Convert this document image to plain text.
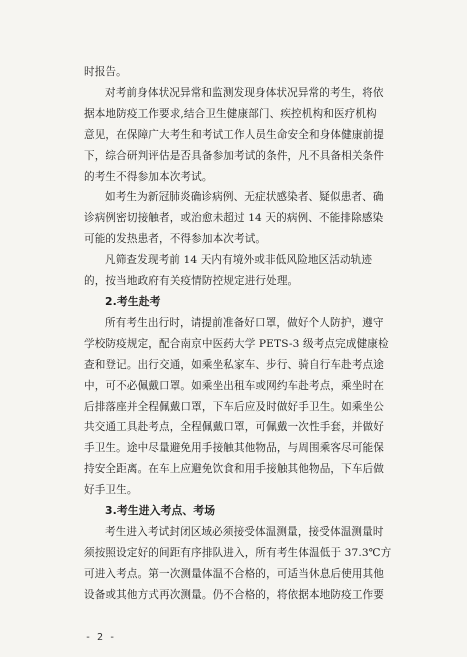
时报告。
对考前身体状况异常和监测发现身体状况异常的考生，将依
据本地防疫工作要求,结合卫生健康部门、疾控机构和医疗机构
意见，在保障广大考生和考试工作人员生命安全和身体健康前提
下，综合研判评估是否具备参加考试的条件，凡不具备相关条件
的考生不得参加本次考试。
如考生为新冠肺炎确诊病例、无症状感染者、疑似患者、确
诊病例密切接触者，或治愈未超过 14 天的病例、不能排除感染
可能的发热患者，不得参加本次考试。
凡筛查发现考前 14 天内有境外或非低风险地区活动轨迹
的，按当地政府有关疫情防控规定进行处理。
2.考生赴考
所有考生出行时，请提前准备好口罩，做好个人防护，遵守
学校防疫规定，配合南京中医药大学 PETS-3 级考点完成健康检
查和登记。出行交通，如乘坐私家车、步行、骑自行车赴考点途
中，可不必佩戴口罩。如乘坐出租车或网约车赴考点，乘坐时在
后排落座并全程佩戴口罩，下车后应及时做好手卫生。如乘坐公
共交通工具赴考点，全程佩戴口罩，可佩戴一次性手套，并做好
手卫生。途中尽量避免用手接触其他物品，与周围乘客尽可能保
持安全距离。在车上应避免饮食和用手接触其他物品，下车后做
好手卫生。
3.考生进入考点、考场
考生进入考试封闭区域必须接受体温测量，接受体温测量时
须按照设定好的间距有序排队进入，所有考生体温低于 37.3℃方
可进入考点。第一次测量体温不合格的，可适当休息后使用其他
设备或其他方式再次测量。仍不合格的，将依据本地防疫工作要
- 2 -
